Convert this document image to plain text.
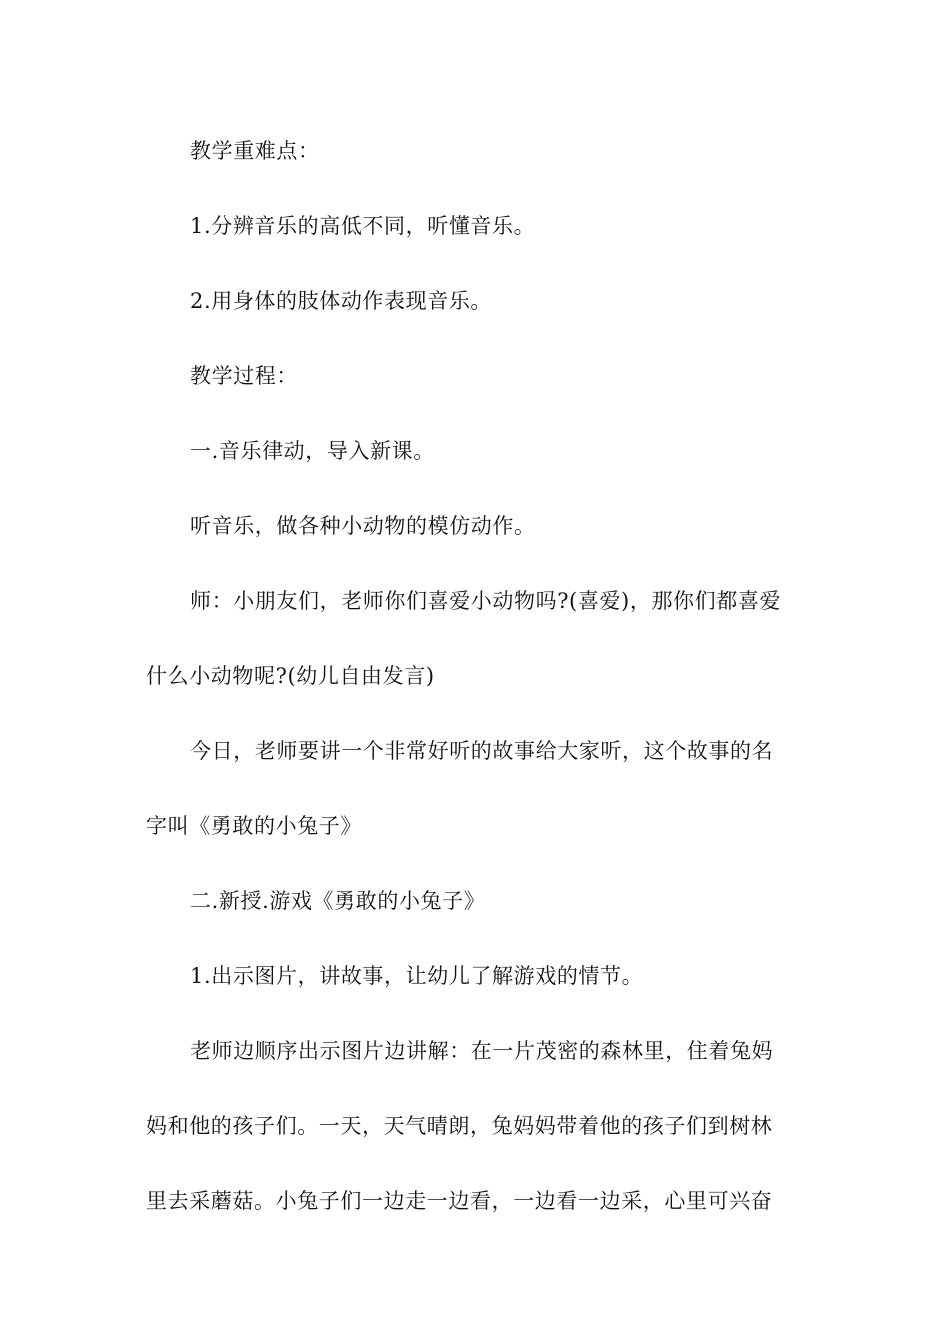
教学重难点：
1.分辨音乐的高低不同，听懂音乐。
2.用身体的肢体动作表现音乐。
教学过程：
一.音乐律动，导入新课。
听音乐，做各种小动物的模仿动作。
师：小朋友们，老师你们喜爱小动物吗?(喜爱)，那你们都喜爱
什么小动物呢?(幼儿自由发言)
今日，老师要讲一个非常好听的故事给大家听，这个故事的名
字叫《勇敢的小兔子》
二.新授.游戏《勇敢的小兔子》
1.出示图片，讲故事，让幼儿了解游戏的情节。
老师边顺序出示图片边讲解：在一片茂密的森林里，住着兔妈
妈和他的孩子们。一天，天气晴朗，兔妈妈带着他的孩子们到树林
里去采蘑菇。小兔子们一边走一边看，一边看一边采，心里可兴奋
